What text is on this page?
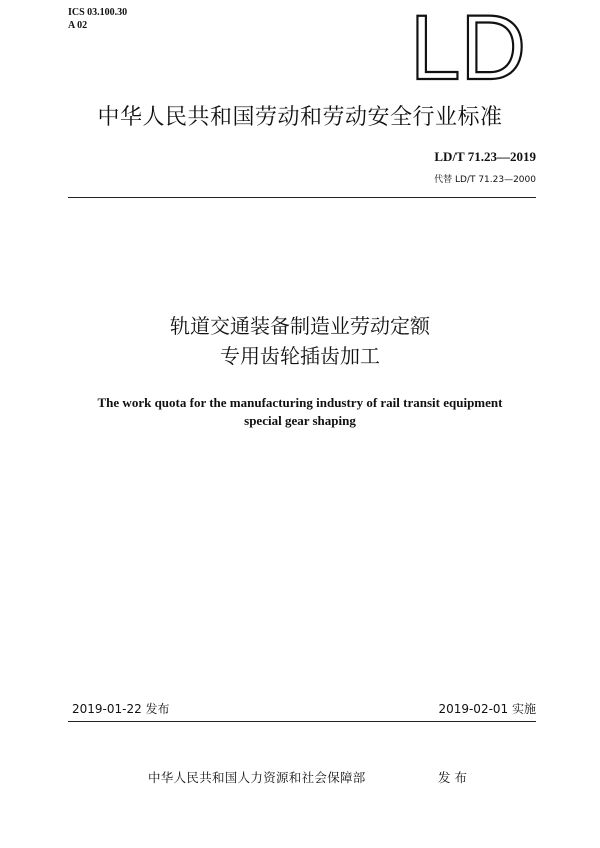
ICS 03.100.30
A 02	LD
中华人民共和国劳动和劳动安全行业标准
LD/T 71.23—2019
代替 LD/T 71.23—2000
轨道交通装备制造业劳动定额
专用齿轮插齿加工
The work quota for the manufacturing industry of rail transit equipment
special gear shaping
2019-01-22 发布	2019-02-01 实施
中华人民共和国人力资源和社会保障部	发布
